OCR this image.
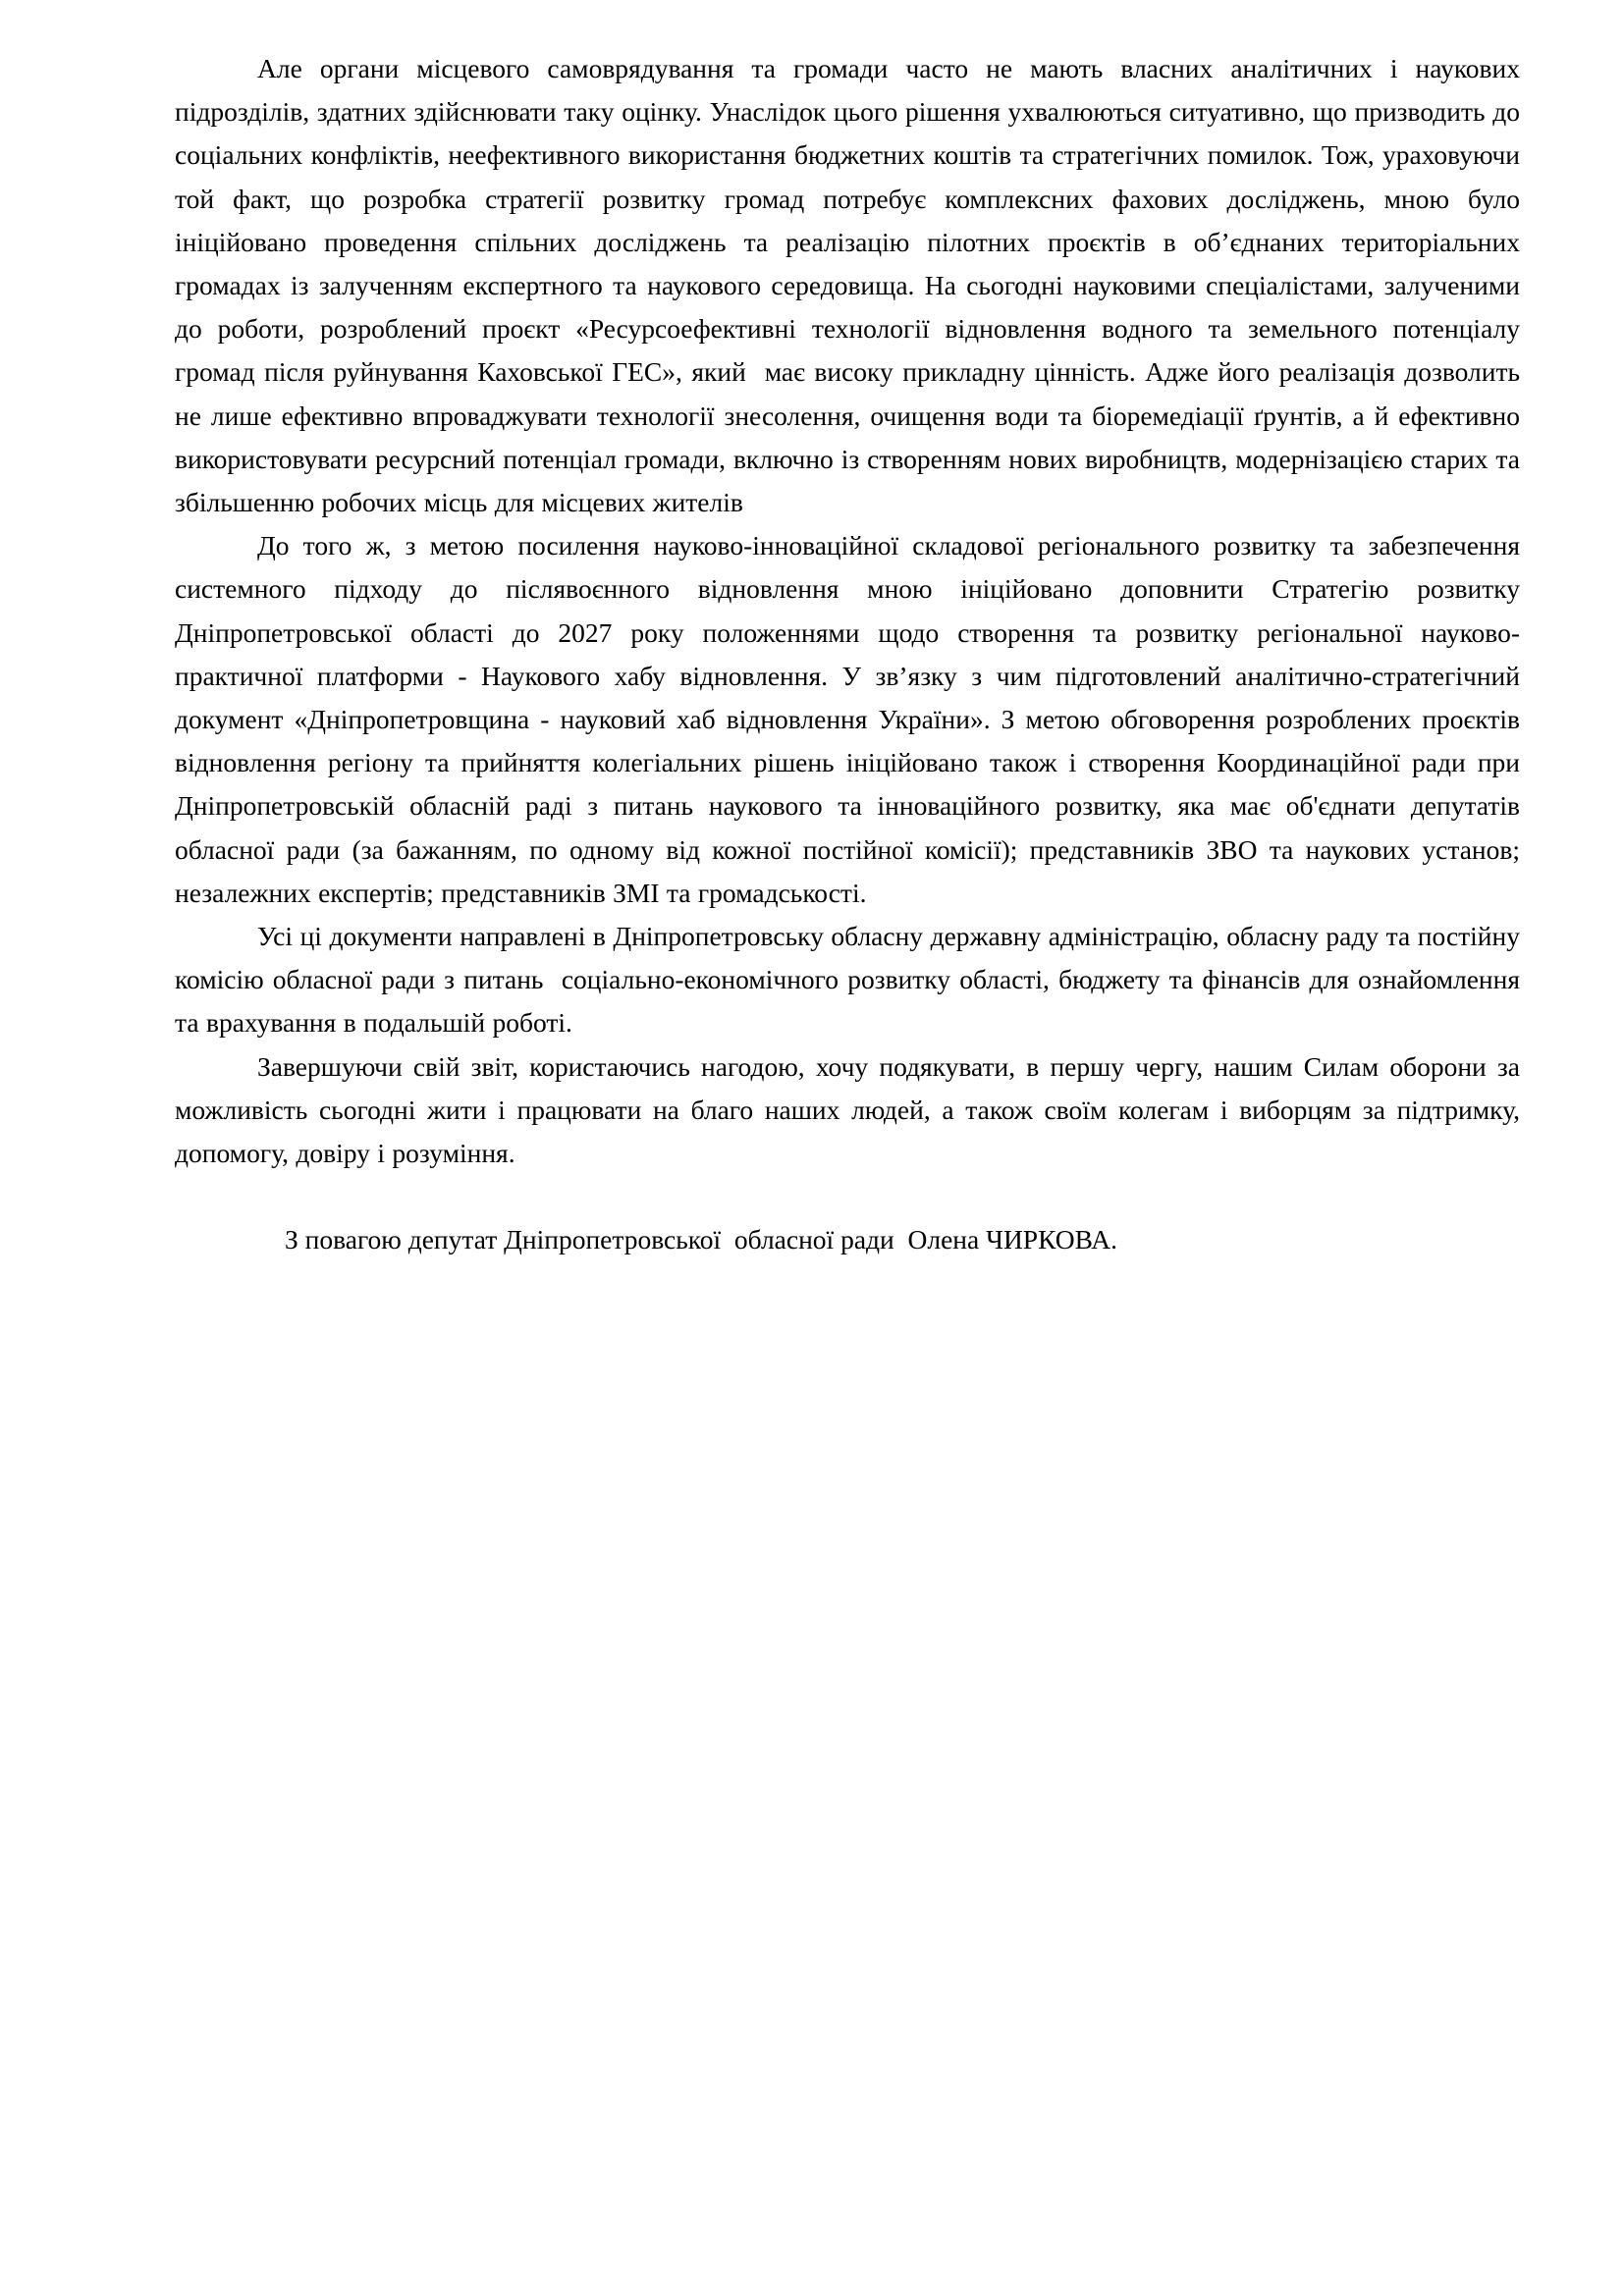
Але органи місцевого самоврядування та громади часто не мають власних аналітичних і наукових підрозділів, здатних здійснювати таку оцінку. Унаслідок цього рішення ухвалюються ситуативно, що призводить до соціальних конфліктів, неефективного використання бюджетних коштів та стратегічних помилок. Тож, ураховуючи той факт, що розробка стратегії розвитку громад потребує комплексних фахових досліджень, мною було ініційовано проведення спільних досліджень та реалізацію пілотних проєктів в об’єднаних територіальних громадах із залученням експертного та наукового середовища. На сьогодні науковими спеціалістами, залученими до роботи, розроблений проєкт «Ресурсоефективні технології відновлення водного та земельного потенціалу громад після руйнування Каховської ГЕС», який  має високу прикладну цінність. Адже його реалізація дозволить не лише ефективно впроваджувати технології знесолення, очищення води та біоремедіації ґрунтів, а й ефективно використовувати ресурсний потенціал громади, включно із створенням нових виробництв, модернізацією старих та збільшенню робочих місць для місцевих жителів

До того ж, з метою посилення науково-інноваційної складової регіонального розвитку та забезпечення системного підходу до післявоєнного відновлення мною ініційовано доповнити Стратегію розвитку Дніпропетровської області до 2027 року положеннями щодо створення та розвитку регіональної науково-практичної платформи - Наукового хабу відновлення. У зв’язку з чим підготовлений аналітично-стратегічний документ «Дніпропетровщина - науковий хаб відновлення України». З метою обговорення розроблених проєктів відновлення регіону та прийняття колегіальних рішень ініційовано також і створення Координаційної ради при Дніпропетровській обласній раді з питань наукового та інноваційного розвитку, яка має об'єднати депутатів обласної ради (за бажанням, по одному від кожної постійної комісії); представників ЗВО та наукових установ; незалежних експертів; представників ЗМІ та громадськості.

Усі ці документи направлені в Дніпропетровську обласну державну адміністрацію, обласну раду та постійну комісію обласної ради з питань  соціально-економічного розвитку області, бюджету та фінансів для ознайомлення та врахування в подальшій роботі.

Завершуючи свій звіт, користаючись нагодою, хочу подякувати, в першу чергу, нашим Силам оборони за можливість сьогодні жити і працювати на благо наших людей, а також своїм колегам і виборцям за підтримку, допомогу, довіру і розуміння.

З повагою депутат Дніпропетровської  обласної ради  Олена ЧИРКОВА.
